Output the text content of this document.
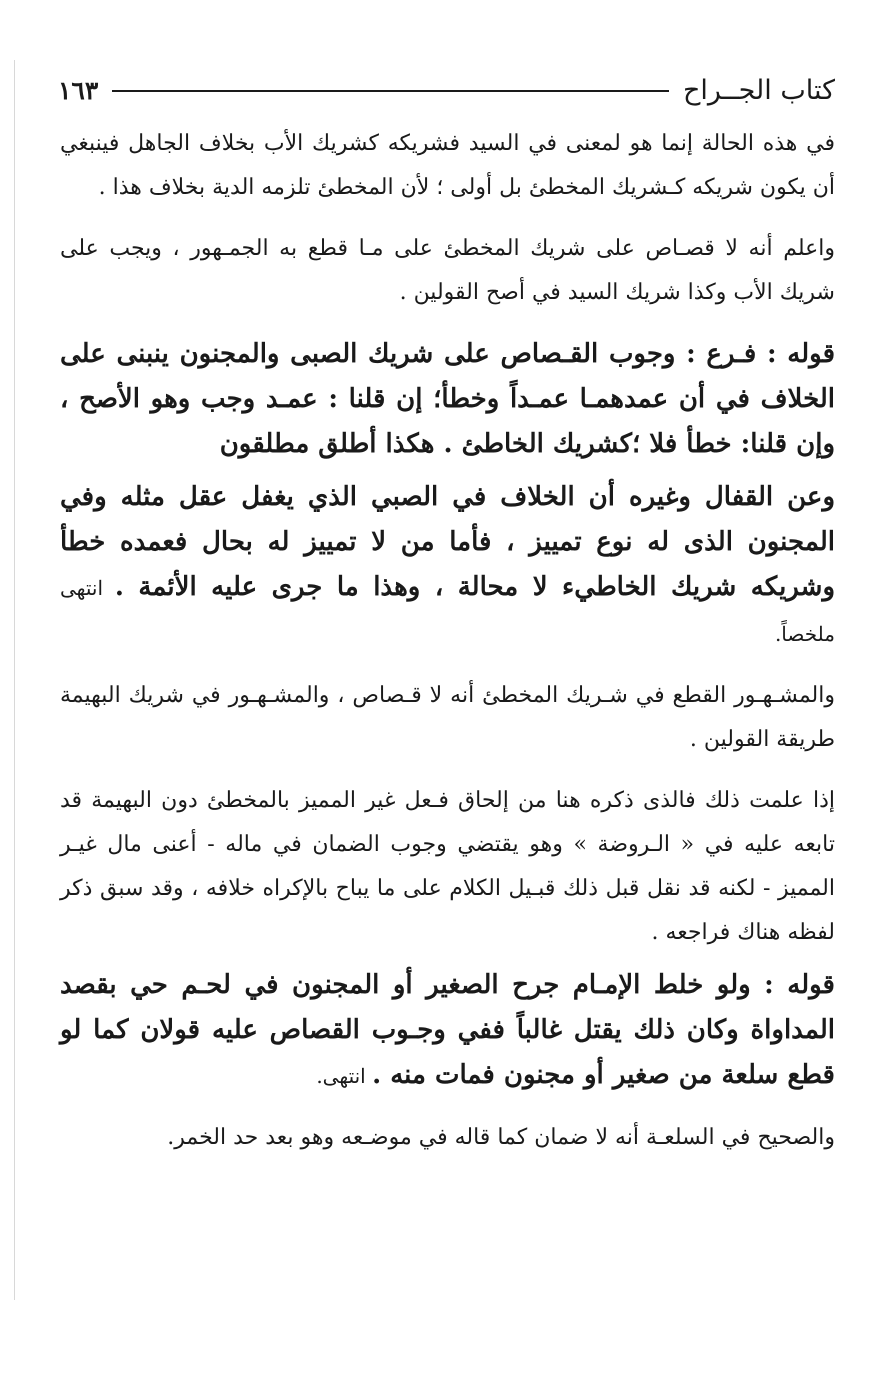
كتاب الجــراح
١٦٣

في هذه الحالة إنما هو لمعنى في السيد فشريكه كشريك الأب بخلاف الجاهل فينبغي أن يكون شريكه كـشريك المخطئ بل أولى ؛ لأن المخطئ تلزمه الدية بخلاف هذا .

واعلم أنه لا قصـاص على شريك المخطئ على مـا قطع به الجمـهور ، ويجب على شريك الأب وكذا شريك السيد في أصح القولين .

قوله : فـرع : وجوب القـصاص على شريك الصبى والمجنون ينبنى على الخلاف في أن عمدهمـا عمـداً وخطأ؛ إن قلنا : عمـد وجب وهو الأصح ، وإن قلنا: خطأ فلا ؛كشريك الخاطئ . هكذا أطلق مطلقون

وعن القفال وغيره أن الخلاف في الصبي الذي يغفل عقل مثله وفي المجنون الذى له نوع تمييز ، فأما من لا تمييز له بحال فعمده خطأ وشريكه شريك الخاطيء لا محالة ، وهذا ما جرى عليه الأئمة . انتهى ملخصاً.

والمشـهـور القطع في شـريك المخطئ أنه لا قـصاص ، والمشـهـور في شريك البهيمة طريقة القولين .

إذا علمت ذلك فالذى ذكره هنا من إلحاق فـعل غير المميز بالمخطئ دون البهيمة قد تابعه عليه في « الـروضة » وهو يقتضي وجوب الضمان في ماله - أعنى مال غيـر المميز - لكنه قد نقل قبل ذلك قبـيل الكلام على ما يباح بالإكراه خلافه ، وقد سبق ذكر لفظه هناك فراجعه .

قوله : ولو خلط الإمـام جرح الصغير أو المجنون في لحـم حي بقصد المداواة وكان ذلك يقتل غالباً ففي وجـوب القصاص عليه قولان كما لو قطع سلعة من صغير أو مجنون فمات منه . انتهى.

والصحيح في السلعـة أنه لا ضمان كما قاله في موضـعه وهو بعد حد الخمر.
